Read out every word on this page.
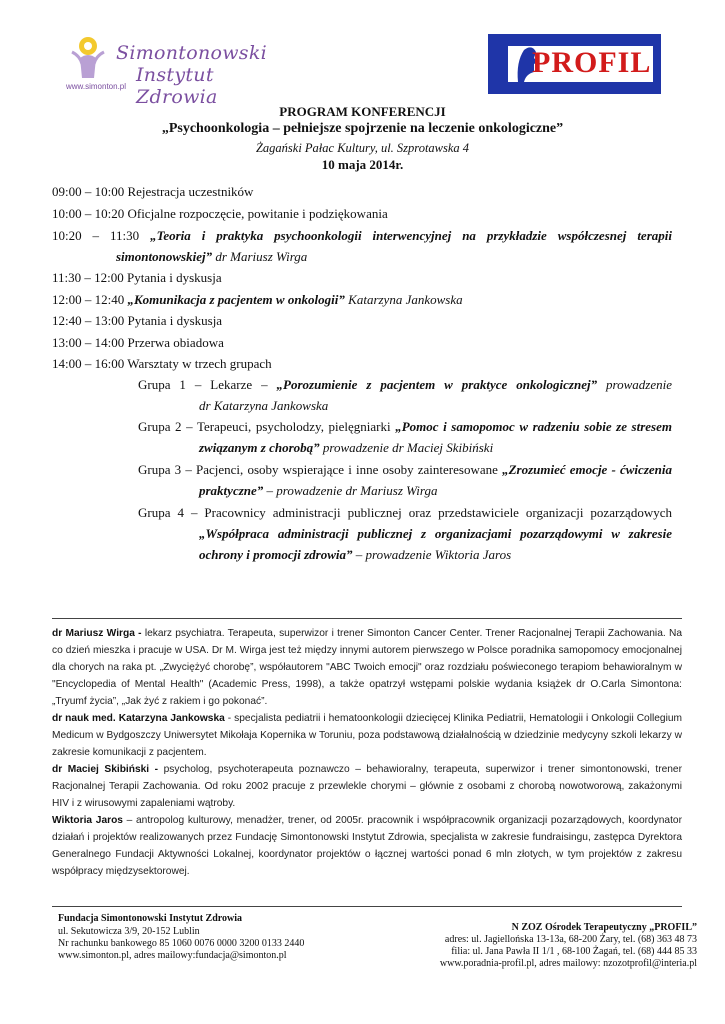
Simontonowski
Instytut Zdrowia
www.simonton.pl
PROFIL
PROGRAM KONFERENCJI
„Psychoonkologia – pełniejsze spojrzenie na leczenie onkologiczne”
Żagański Pałac Kultury, ul. Szprotawska 4
10 maja 2014r.
09:00 – 10:00 Rejestracja uczestników
10:00 – 10:20 Oficjalne rozpoczęcie, powitanie i podziękowania
10:20 – 11:30 „Teoria i praktyka psychoonkologii interwencyjnej na przykładzie współczesnej terapii
simontonowskiej” dr Mariusz Wirga
11:30 – 12:00 Pytania i dyskusja
12:00 – 12:40 „Komunikacja z pacjentem w onkologii” Katarzyna Jankowska
12:40 – 13:00 Pytania i dyskusja
13:00 – 14:00 Przerwa obiadowa
14:00 – 16:00 Warsztaty w trzech grupach
Grupa 1 – Lekarze – „Porozumienie z pacjentem w praktyce onkologicznej” prowadzenie
dr Katarzyna Jankowska
Grupa 2 – Terapeuci, psycholodzy, pielęgniarki „Pomoc i samopomoc w radzeniu sobie ze stresem
związanym z chorobą” prowadzenie dr Maciej Skibiński
Grupa 3 – Pacjenci, osoby wspierające i inne osoby zainteresowane „Zrozumieć emocje - ćwiczenia
praktyczne” – prowadzenie dr Mariusz Wirga
Grupa 4 – Pracownicy administracji publicznej oraz przedstawiciele organizacji pozarządowych
„Współpraca administracji publicznej z organizacjami pozarządowymi w zakresie
ochrony i promocji zdrowia” – prowadzenie Wiktoria Jaros
dr Mariusz Wirga - lekarz psychiatra. Terapeuta, superwizor i trener Simonton Cancer Center. Trener Racjonalnej Terapii Zachowania. Na co dzień mieszka i pracuje w USA. Dr M. Wirga jest też między innymi autorem pierwszego w Polsce poradnika samopomocy emocjonalnej dla chorych na raka pt. „Zwyciężyć chorobę”, współautorem "ABC Twoich emocji" oraz rozdziału poświeconego terapiom behawioralnym w "Encyclopedia of Mental Health" (Academic Press, 1998), a także opatrzył wstępami polskie wydania książek dr O.Carla Simontona: „Tryumf życia”, „Jak żyć z rakiem i go pokonać”.
dr nauk med. Katarzyna Jankowska - specjalista pediatrii i hematoonkologii dziecięcej Klinika Pediatrii, Hematologii i Onkologii Collegium Medicum w Bydgoszczy Uniwersytet Mikołaja Kopernika w Toruniu, poza podstawową działalnością w dziedzinie medycyny szkoli lekarzy w zakresie komunikacji z pacjentem.
dr Maciej Skibiński - psycholog, psychoterapeuta poznawczo – behawioralny, terapeuta, superwizor i trener simontonowski, trener Racjonalnej Terapii Zachowania. Od roku 2002 pracuje z przewlekle chorymi – głównie z osobami z chorobą nowotworową, zakażonymi HIV i z wirusowymi zapaleniami wątroby.
Wiktoria Jaros – antropolog kulturowy, menadżer, trener, od 2005r. pracownik i współpracownik organizacji pozarządowych, koordynator działań i projektów realizowanych przez Fundację Simontonowski Instytut Zdrowia, specjalista w zakresie fundraisingu, zastępca Dyrektora Generalnego Fundacji Aktywności Lokalnej, koordynator projektów o łącznej wartości ponad 6 mln złotych, w tym projektów z zakresu współpracy międzysektorowej.
Fundacja Simontonowski Instytut Zdrowia
ul. Sekutowicza 3/9, 20-152 Lublin
Nr rachunku bankowego 85 1060 0076 0000 3200 0133 2440
www.simonton.pl, adres mailowy:fundacja@simonton.pl
N ZOZ Ośrodek Terapeutyczny „PROFIL”
adres: ul. Jagiellońska 13-13a, 68-200 Żary, tel. (68) 363 48 73
filia: ul. Jana Pawła II 1/1 , 68-100 Żagań, tel. (68) 444 85 33
www.poradnia-profil.pl, adres mailowy: nzozotprofil@interia.pl
